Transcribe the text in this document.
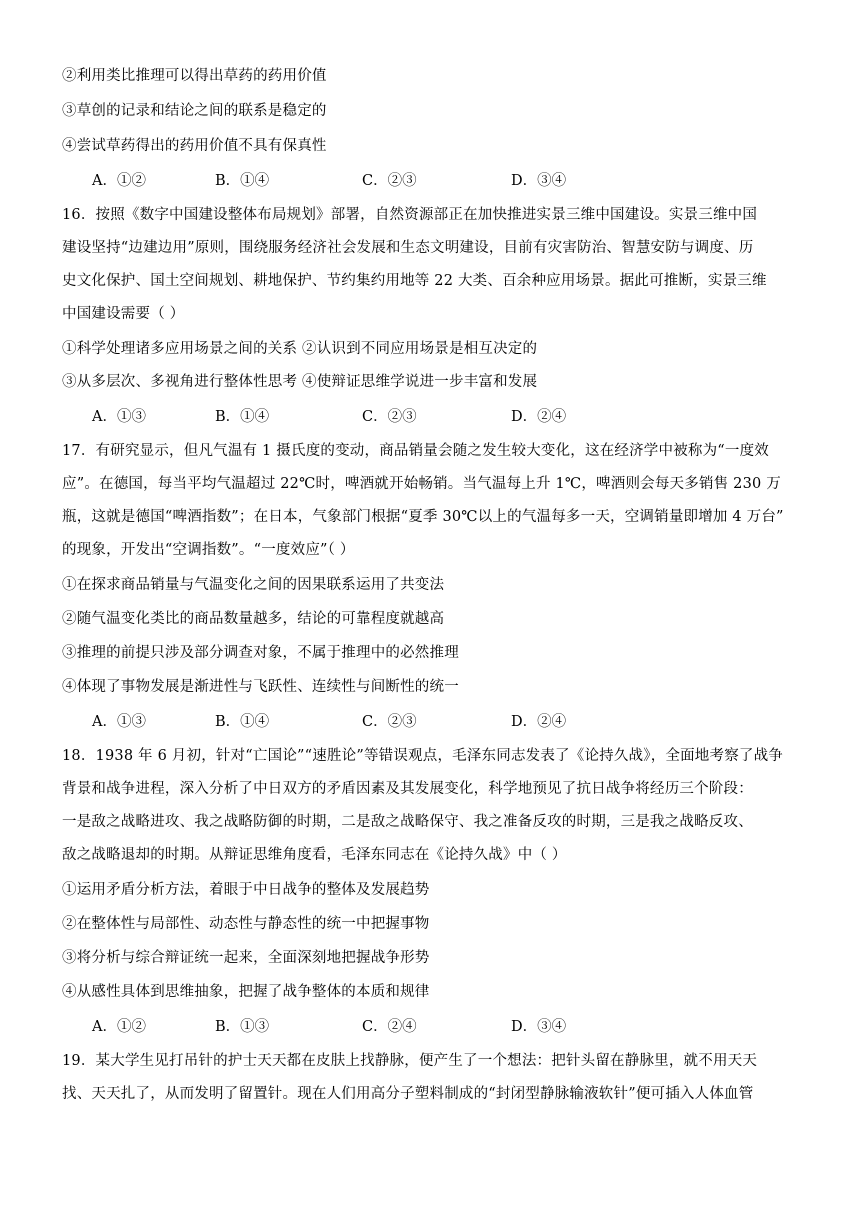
②利用类比推理可以得出草药的药用价值
③草创的记录和结论之间的联系是稳定的
④尝试草药得出的药用价值不具有保真性
A．①②	B．①④	C．②③	D．③④
16．按照《数字中国建设整体布局规划》部署，自然资源部正在加快推进实景三维中国建设。实景三维中国
建设坚持“边建边用”原则，围绕服务经济社会发展和生态文明建设，目前有灾害防治、智慧安防与调度、历
史文化保护、国土空间规划、耕地保护、节约集约用地等 22 大类、百余种应用场景。据此可推断，实景三维
中国建设需要（ ）
①科学处理诸多应用场景之间的关系 ②认识到不同应用场景是相互决定的
③从多层次、多视角进行整体性思考 ④使辩证思维学说进一步丰富和发展
A．①③	B．①④	C．②③	D．②④
17．有研究显示，但凡气温有 1 摄氏度的变动，商品销量会随之发生较大变化，这在经济学中被称为“一度效
应”。在德国，每当平均气温超过 22℃时，啤酒就开始畅销。当气温每上升 1℃，啤酒则会每天多销售 230 万
瓶，这就是德国“啤酒指数”；在日本，气象部门根据“夏季 30℃以上的气温每多一天，空调销量即增加 4 万台”
的现象，开发出“空调指数”。“一度效应”（ ）
①在探求商品销量与气温变化之间的因果联系运用了共变法
②随气温变化类比的商品数量越多，结论的可靠程度就越高
③推理的前提只涉及部分调查对象，不属于推理中的必然推理
④体现了事物发展是渐进性与飞跃性、连续性与间断性的统一
A．①③	B．①④	C．②③	D．②④
18．1938 年 6 月初，针对“亡国论”“速胜论”等错误观点，毛泽东同志发表了《论持久战》，全面地考察了战争
背景和战争进程，深入分析了中日双方的矛盾因素及其发展变化，科学地预见了抗日战争将经历三个阶段：
一是敌之战略进攻、我之战略防御的时期，二是敌之战略保守、我之准备反攻的时期，三是我之战略反攻、
敌之战略退却的时期。从辩证思维角度看，毛泽东同志在《论持久战》中（ ）
①运用矛盾分析方法，着眼于中日战争的整体及发展趋势
②在整体性与局部性、动态性与静态性的统一中把握事物
③将分析与综合辩证统一起来，全面深刻地把握战争形势
④从感性具体到思维抽象，把握了战争整体的本质和规律
A．①②	B．①③	C．②④	D．③④
19．某大学生见打吊针的护士天天都在皮肤上找静脉，便产生了一个想法：把针头留在静脉里，就不用天天
找、天天扎了，从而发明了留置针。现在人们用高分子塑料制成的“封闭型静脉输液软针”便可插入人体血管
